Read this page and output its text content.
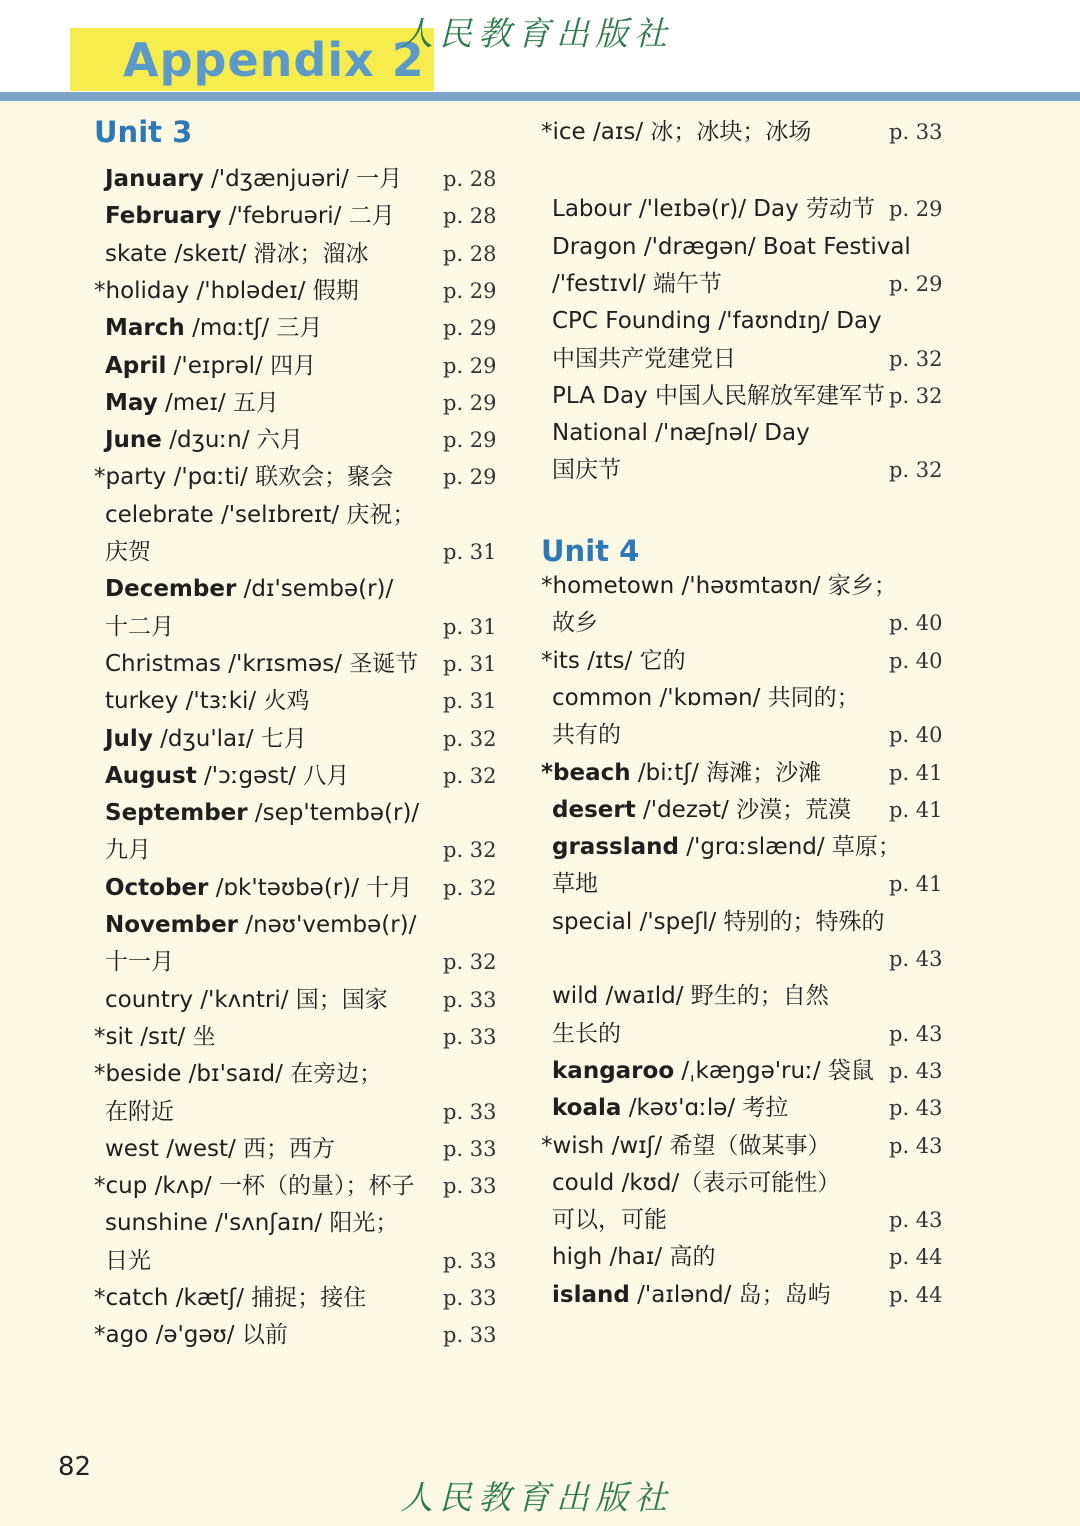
Appendix 2
人民教育出版社
Unit 3
January /'dʒænjuəri/ 一月 p. 28
February /'februəri/ 二月 p. 28
skate /skeɪt/ 滑冰；溜冰	p. 28
*holiday /'hɒlədeɪ/ 假期	p. 29
March /mɑːtʃ/ 三月	p. 29
April /'eɪprəl/ 四月	p. 29
May /meɪ/ 五月	p. 29
June /dʒuːn/ 六月	p. 29
*party /'pɑːti/ 联欢会；聚会 p. 29
celebrate /'selɪbreɪt/ 庆祝；
庆贺	p. 31
December /dɪ'sembə(r)/
十二月	p. 31
Christmas /'krɪsməs/ 圣诞节 p. 31
turkey /'tɜːki/ 火鸡	p. 31
July /dʒu'laɪ/ 七月	p. 32
August /'ɔːgəst/ 八月	p. 32
September /sep'tembə(r)/
九月	p. 32
October /ɒk'təʊbə(r)/ 十月 p. 32
November /nəʊ'vembə(r)/
十一月	p. 32
country /'kʌntri/ 国；国家	p. 33
*sit /sɪt/ 坐	p. 33
*beside /bɪ'saɪd/ 在旁边；
在附近	p. 33
west /west/ 西；西方	p. 33
*cup /kʌp/ 一杯（的量）；杯子 p. 33
sunshine /'sʌnʃaɪn/ 阳光；
日光	p. 33
*catch /kætʃ/ 捕捉；接住	p. 33
*ago /ə'gəʊ/ 以前	p. 33
*ice /aɪs/ 冰；冰块；冰场	p. 33
Labour /'leɪbə(r)/ Day 劳动节 p. 29
Dragon /'drægən/ Boat Festival
/'festɪvl/ 端午节	p. 29
CPC Founding /'faʊndɪŋ/ Day
中国共产党建党日	p. 32
PLA Day 中国人民解放军建军节 p. 32
National /'næʃnəl/ Day
国庆节	p. 32
Unit 4
*hometown /'həʊmtaʊn/ 家乡；
故乡	p. 40
*its /ɪts/ 它的	p. 40
common /'kɒmən/ 共同的；
共有的	p. 40
*beach /biːtʃ/ 海滩；沙滩	p. 41
desert /'dezət/ 沙漠；荒漠 p. 41
grassland /'grɑːslænd/ 草原；
草地	p. 41
special /'speʃl/ 特别的；特殊的
p. 43
wild /waɪld/ 野生的；自然
生长的	p. 43
kangaroo /ˌkæŋgə'ruː/ 袋鼠 p. 43
koala /kəʊ'ɑːlə/ 考拉	p. 43
*wish /wɪʃ/ 希望（做某事）	p. 43
could /kʊd/（表示可能性）
可以，可能	p. 43
high /haɪ/ 高的	p. 44
island /'aɪlənd/ 岛；岛屿	p. 44
82
人民教育出版社
